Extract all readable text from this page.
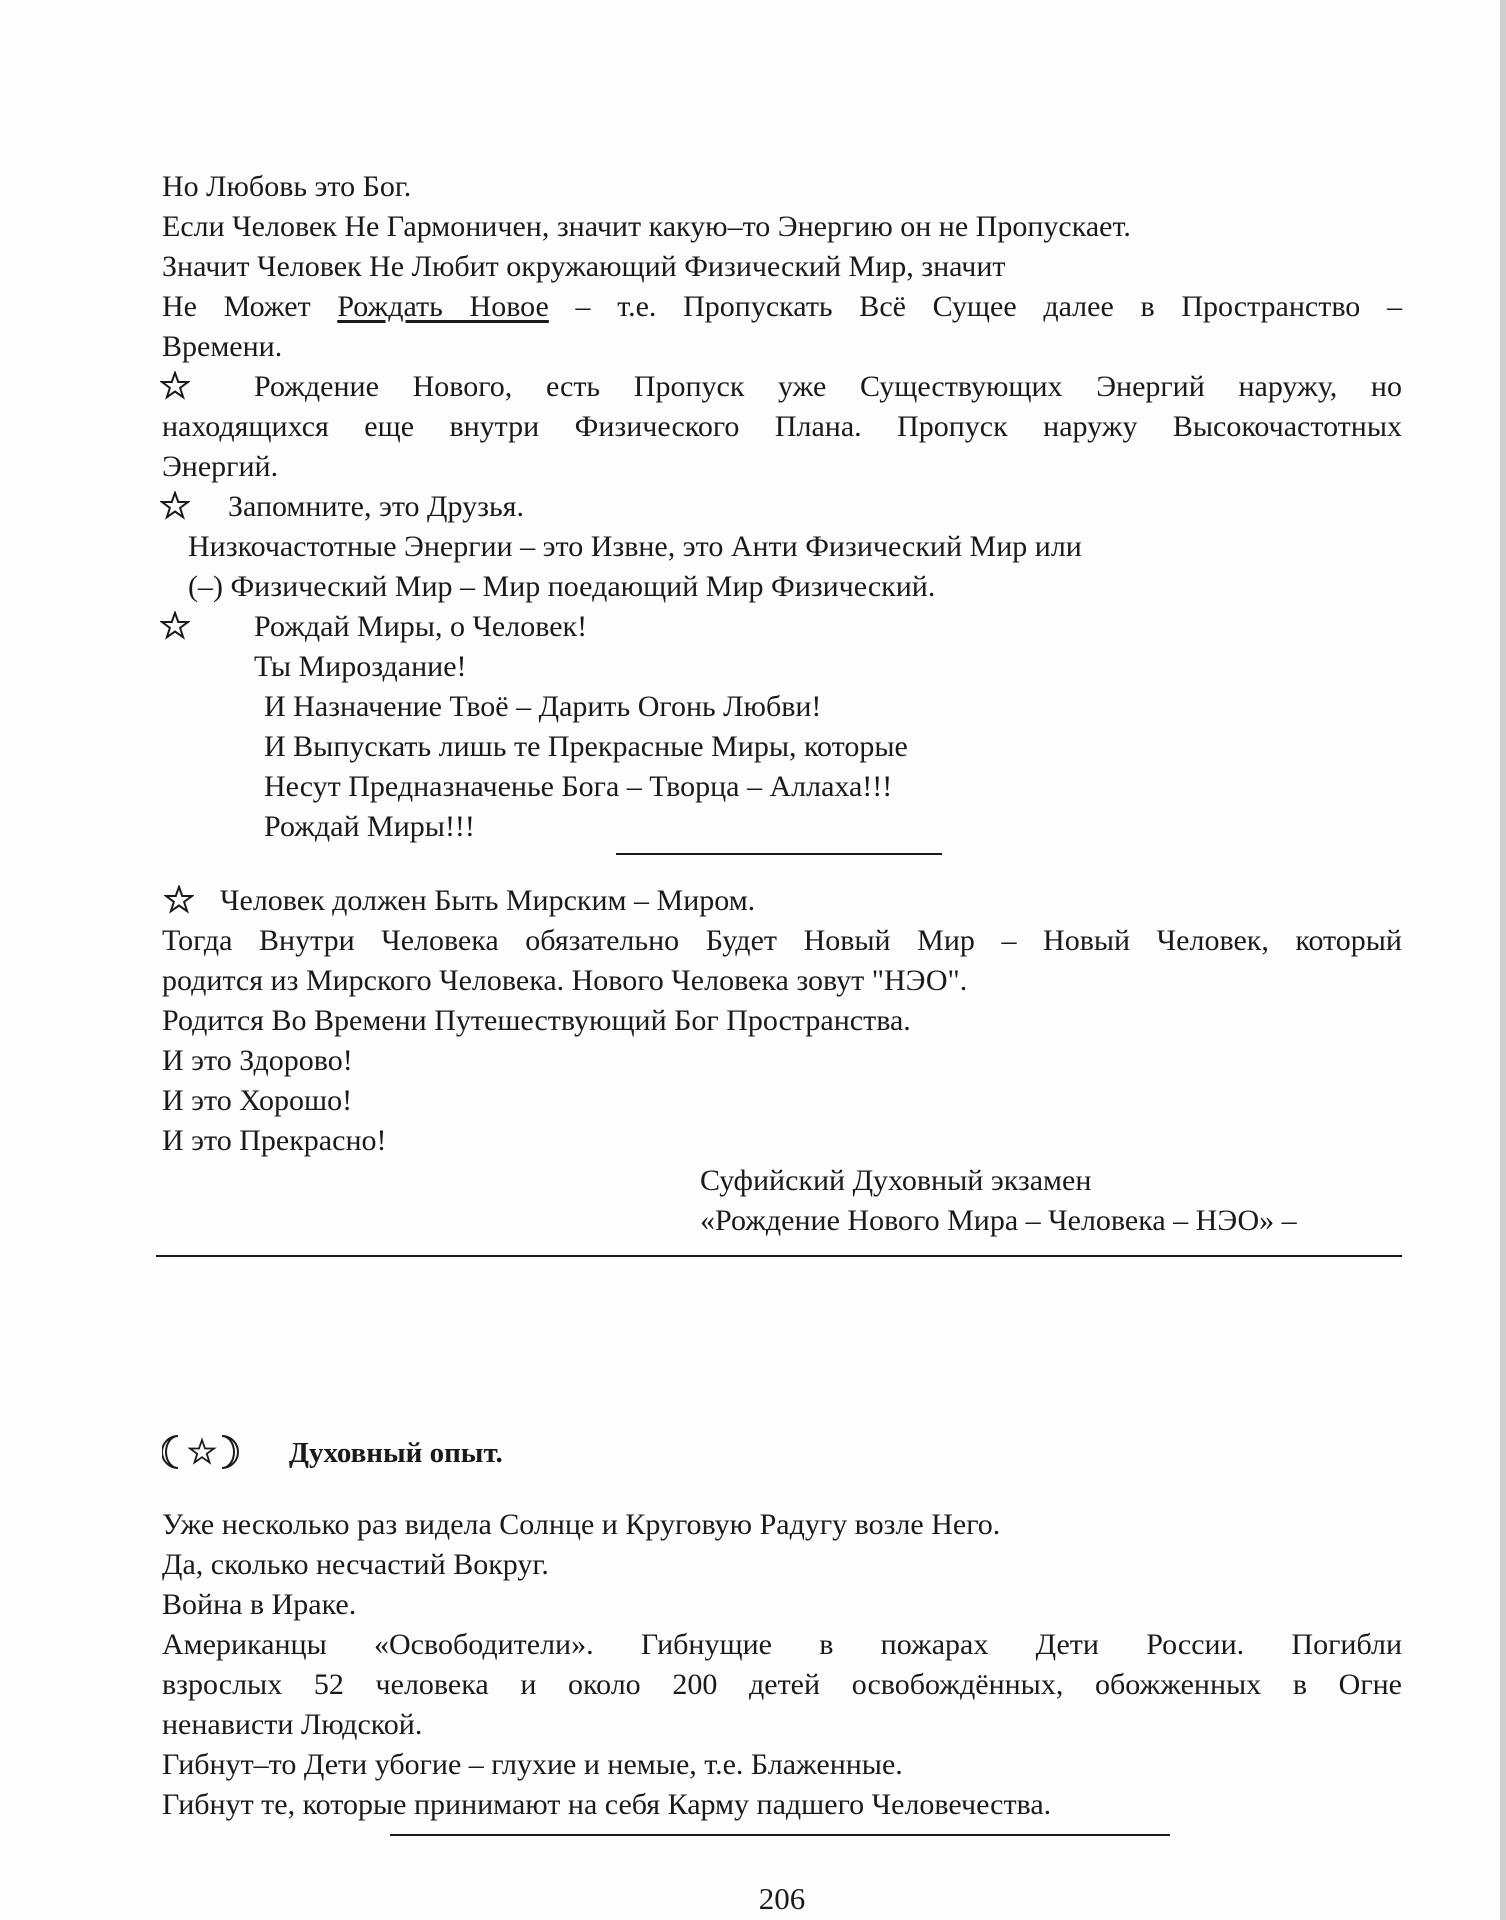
Но Любовь это Бог.
Если Человек Не Гармоничен, значит какую–то Энергию он не Пропускает.
Значит Человек Не Любит окружающий Физический Мир, значит
Не Может Рождать Новое – т.е. Пропускать Всё Сущее далее в Пространство –
Времени.
Рождение Нового, есть Пропуск уже Существующих Энергий наружу, но
находящихся еще внутри Физического Плана. Пропуск наружу Высокочастотных
Энергий.
Запомните, это Друзья.
Низкочастотные Энергии – это Извне, это Анти Физический Мир или
(–) Физический Мир – Мир поедающий Мир Физический.
Рождай Миры, о Человек!
Ты Мироздание!
И Назначение Твоё – Дарить Огонь Любви!
И Выпускать лишь те Прекрасные Миры, которые
Несут Предназначенье Бога – Творца – Аллаха!!!
Рождай Миры!!!
Человек должен Быть Мирским – Миром.
Тогда Внутри Человека обязательно Будет Новый Мир – Новый Человек, который
родится из Мирского Человека. Нового Человека зовут "НЭО".
Родится Во Времени Путешествующий Бог Пространства.
И это Здорово!
И это Хорошо!
И это Прекрасно!
Суфийский Духовный экзамен
«Рождение Нового Мира – Человека – НЭО» –
Духовный опыт.
Уже несколько раз видела Солнце и Круговую Радугу возле Него.
Да, сколько несчастий Вокруг.
Война в Ираке.
Американцы «Освободители». Гибнущие в пожарах Дети России. Погибли
взрослых 52 человека и около 200 детей освобождённых, обожженных в Огне
ненависти Людской.
Гибнут–то Дети убогие – глухие и немые, т.е. Блаженные.
Гибнут те, которые принимают на себя Карму падшего Человечества.
206
